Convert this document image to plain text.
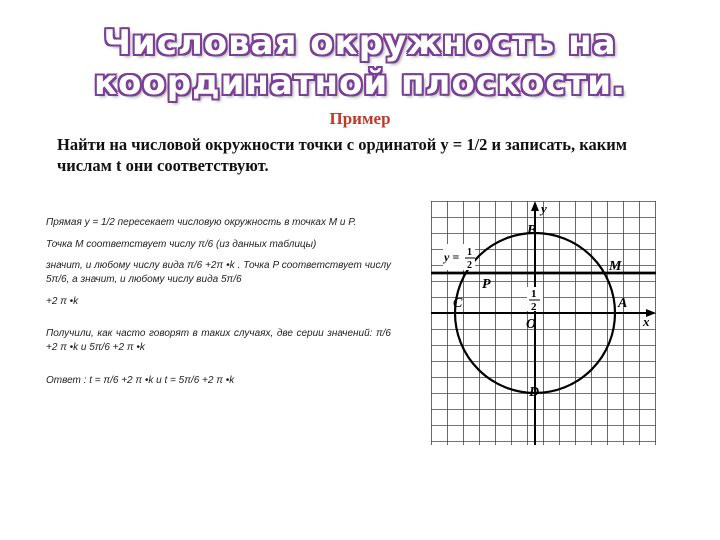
Числовая окружность на
координатной плоскости.
Пример
Найти на числовой окружности точки с ординатой y = 1/2 и записать, каким числам t они соответствуют.

Прямая y = 1/2 пересекает числовую окружность в точках M и P.

Точка M соответствует числу π/6 (из данных таблицы)

значит, и любому числу вида π/6 +2π •k . Точка P соответствует числу 5π/6, а значит, и любому числу вида 5π/6

+2 π •k

Получили, как часто говорят в таких случаях, две серии значений: π/6 +2 π •k и 5π/6 +2 π •k

Ответ : t = π/6 +2 π •k и t = 5π/6 +2 π •k

y = 1
2
1
2
y
x
B
M
P
C	A
O
D
